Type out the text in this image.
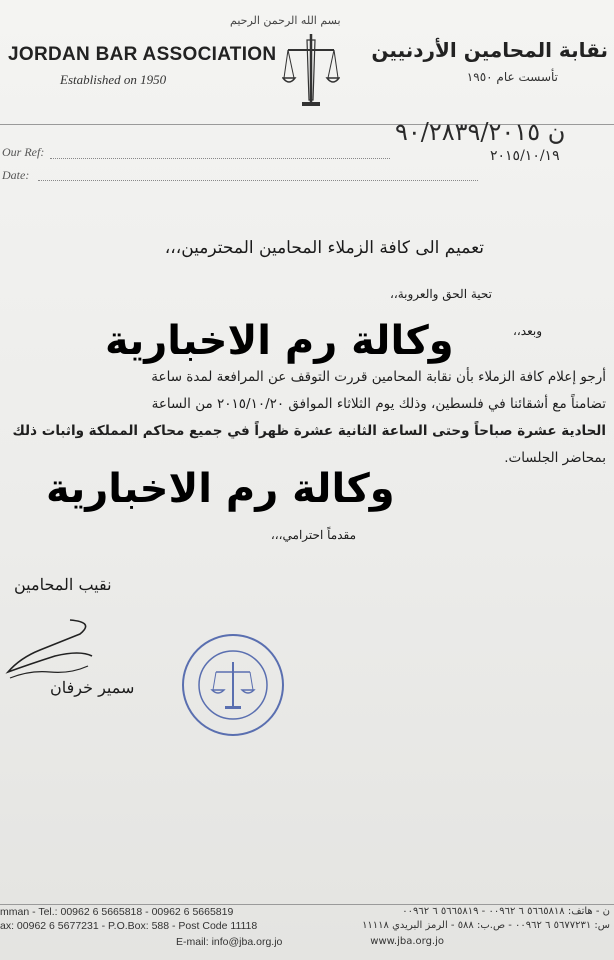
بسم الله الرحمن الرحيم
JORDAN BAR ASSOCIATION
Established on 1950
نقابة المحامين الأردنيين
تأسست عام ١٩٥٠
Our Ref:
Date:
ن ٩٠/٢٨٣٩/٢٠١٥
٢٠١٥/١٠/١٩
تعميم الى كافة الزملاء المحامين المحترمين،،،
تحية الحق والعروبة،،
وبعد،،
أرجو إعلام كافة الزملاء بأن نقابة المحامين قررت التوقف عن المرافعة لمدة ساعة
تضامناً مع أشقائنا في فلسطين، وذلك يوم الثلاثاء الموافق ٢٠١٥/١٠/٢٠ من الساعة
الحادية عشرة صباحاً وحتى الساعة الثانية عشرة ظهراً في جميع محاكم المملكة واثبات ذلك
بمحاضر الجلسات.
مقدماً احترامي،،،
نقيب المحامين
سمير خرفان
وكالة رم الاخبارية
وكالة رم الاخبارية
mman - Tel.: 00962 6 5665818 - 00962 6 5665819
ax: 00962 6 5677231 - P.O.Box: 588 - Post Code 11118
E-mail: info@jba.org.jo
ن - هاتف: ٥٦٦٥٨١٨ ٦ ٠٠٩٦٢ - ٥٦٦٥٨١٩ ٦ ٠٠٩٦٢
س: ٥٦٧٧٢٣١ ٦ ٠٠٩٦٢ - ص.ب: ٥٨٨ - الرمز البريدي ١١١١٨
www.jba.org.jo
